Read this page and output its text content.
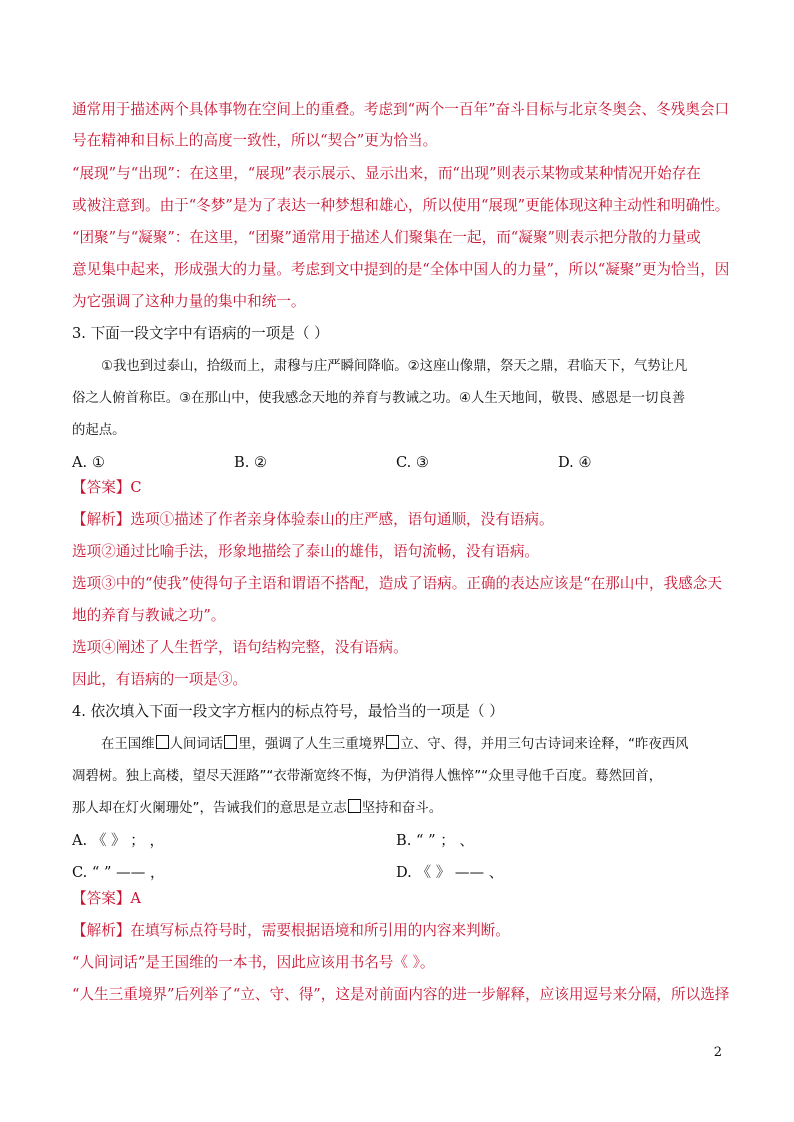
通常用于描述两个具体事物在空间上的重叠。考虑到“两个一百年”奋斗目标与北京冬奥会、冬残奥会口
号在精神和目标上的高度一致性，所以“契合”更为恰当。
“展现”与“出现”：在这里，“展现”表示展示、显示出来，而“出现”则表示某物或某种情况开始存在
或被注意到。由于“冬梦”是为了表达一种梦想和雄心，所以使用“展现”更能体现这种主动性和明确性。
“团聚”与“凝聚”：在这里，“团聚”通常用于描述人们聚集在一起，而“凝聚”则表示把分散的力量或
意见集中起来，形成强大的力量。考虑到文中提到的是“全体中国人的力量”，所以“凝聚”更为恰当，因
为它强调了这种力量的集中和统一。
3. 下面一段文字中有语病的一项是（ ）
①我也到过泰山，拾级而上，肃穆与庄严瞬间降临。②这座山像鼎，祭天之鼎，君临天下，气势让凡
俗之人俯首称臣。③在那山中，使我感念天地的养育与教诫之功。④人生天地间，敬畏、感恩是一切良善
的起点。
A. ①	B. ②	C. ③	D. ④
【答案】C
【解析】选项①描述了作者亲身体验泰山的庄严感，语句通顺，没有语病。
选项②通过比喻手法，形象地描绘了泰山的雄伟，语句流畅，没有语病。
选项③中的“使我”使得句子主语和谓语不搭配，造成了语病。正确的表达应该是“在那山中，我感念天
地的养育与教诫之功”。
选项④阐述了人生哲学，语句结构完整，没有语病。
因此，有语病的一项是③。
4. 依次填入下面一段文字方框内的标点符号，最恰当的一项是（ ）
在王国维 人间词话 里，强调了人生三重境界 立、守、得，并用三句古诗词来诠释，“昨夜西风
凋碧树。独上高楼，望尽天涯路”“衣带渐宽终不悔，为伊消得人憔悴”“众里寻他千百度。蓦然回首，
那人却在灯火阑珊处”，告诫我们的意思是立志 坚持和奋斗。
A. 《 》 ； ，	B. “ ” ； 、
C. “ ” —— ，	D. 《 》 —— 、
【答案】A
【解析】在填写标点符号时，需要根据语境和所引用的内容来判断。
“人间词话”是王国维的一本书，因此应该用书名号《 》。
“人生三重境界”后列举了“立、守、得”，这是对前面内容的进一步解释，应该用逗号来分隔，所以选择
2
